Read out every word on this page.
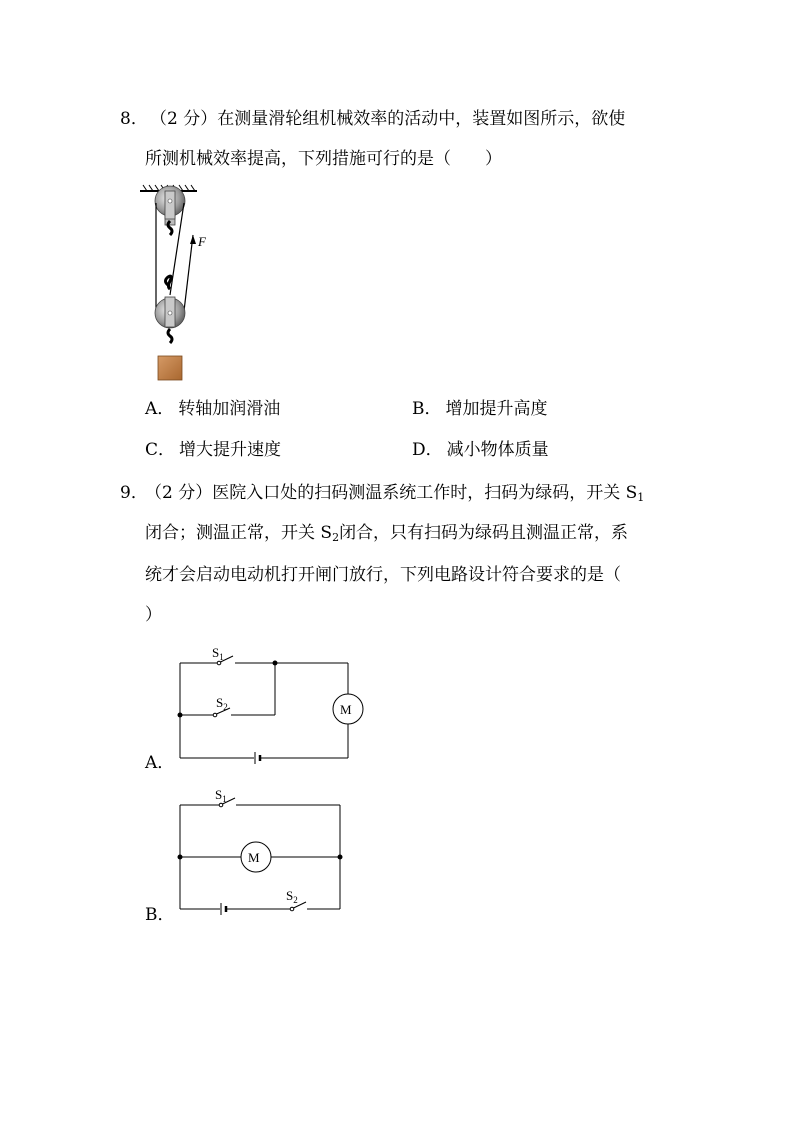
8． （2 分）在测量滑轮组机械效率的活动中，装置如图所示，欲使
所测机械效率提高，下列措施可行的是（　　）
F
A． 转轴加润滑油	B． 增加提升高度
C． 增大提升速度	D． 减小物体质量
9．
（2 分）医院入口处的扫码测温系统工作时，扫码为绿码，开关 $S_1$
闭合；测温正常，开关 $S_2$闭合，只有扫码为绿码且测温正常，系
统才会启动电动机打开闸门放行，下列电路设计符合要求的是（
）
A．
M
$S_1$
$S_2$
B．
M
$S_1$
$S_2$
